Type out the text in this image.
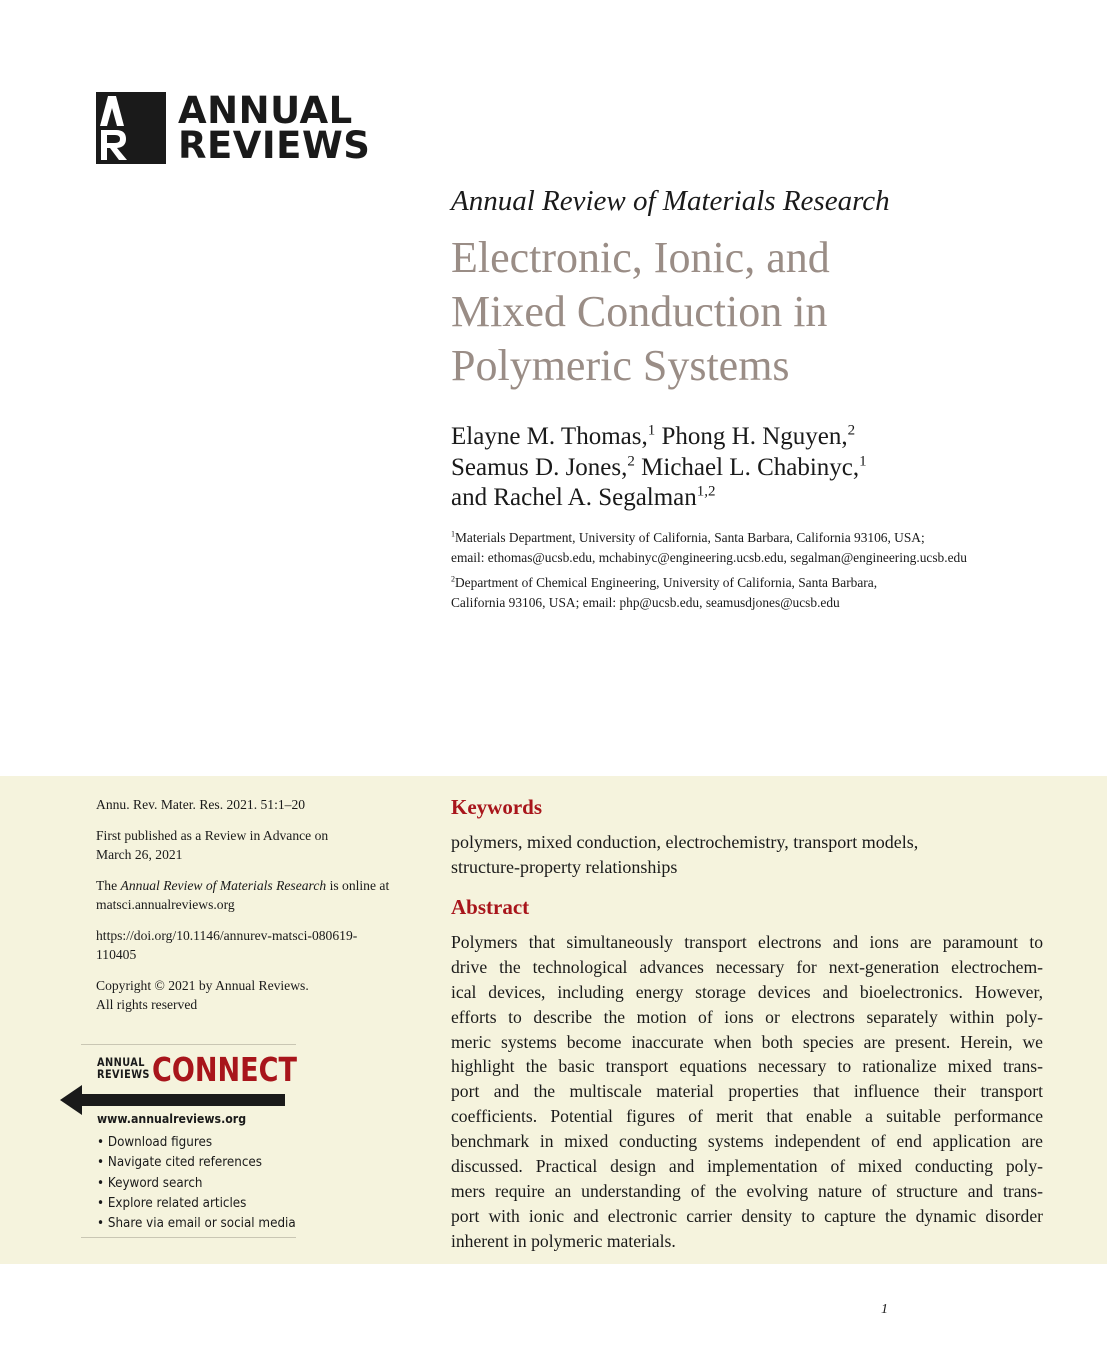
ANNUAL
REVIEWS
Annual Review of Materials Research
Electronic, Ionic, and
Mixed Conduction in
Polymeric Systems
Elayne M. Thomas,$^1$ Phong H. Nguyen,$^2$
Seamus D. Jones,$^2$ Michael L. Chabinyc,$^1$
and Rachel A. Segalman$^{1,2}$
$^1$Materials Department, University of California, Santa Barbara, California 93106, USA;
email: ethomas@ucsb.edu, mchabinyc@engineering.ucsb.edu, segalman@engineering.ucsb.edu
$^2$Department of Chemical Engineering, University of California, Santa Barbara,
California 93106, USA; email: php@ucsb.edu, seamusdjones@ucsb.edu
Annu. Rev. Mater. Res. 2021. 51:1–20
First published as a Review in Advance on
March 26, 2021
The Annual Review of Materials Research is online at
matsci.annualreviews.org
https://doi.org/10.1146/annurev-matsci-080619-
110405
Copyright © 2021 by Annual Reviews.
All rights reserved
ANNUAL
REVIEWS CONNECT
www.annualreviews.org
• Download figures
• Navigate cited references
• Keyword search
• Explore related articles
• Share via email or social media
Keywords
polymers, mixed conduction, electrochemistry, transport models,
structure-property relationships
Abstract
Polymers that simultaneously transport electrons and ions are paramount to
drive the technological advances necessary for next-generation electrochem-
ical devices, including energy storage devices and bioelectronics. However,
efforts to describe the motion of ions or electrons separately within poly-
meric systems become inaccurate when both species are present. Herein, we
highlight the basic transport equations necessary to rationalize mixed trans-
port and the multiscale material properties that influence their transport
coefficients. Potential figures of merit that enable a suitable performance
benchmark in mixed conducting systems independent of end application are
discussed. Practical design and implementation of mixed conducting poly-
mers require an understanding of the evolving nature of structure and trans-
port with ionic and electronic carrier density to capture the dynamic disorder
inherent in polymeric materials.
1
